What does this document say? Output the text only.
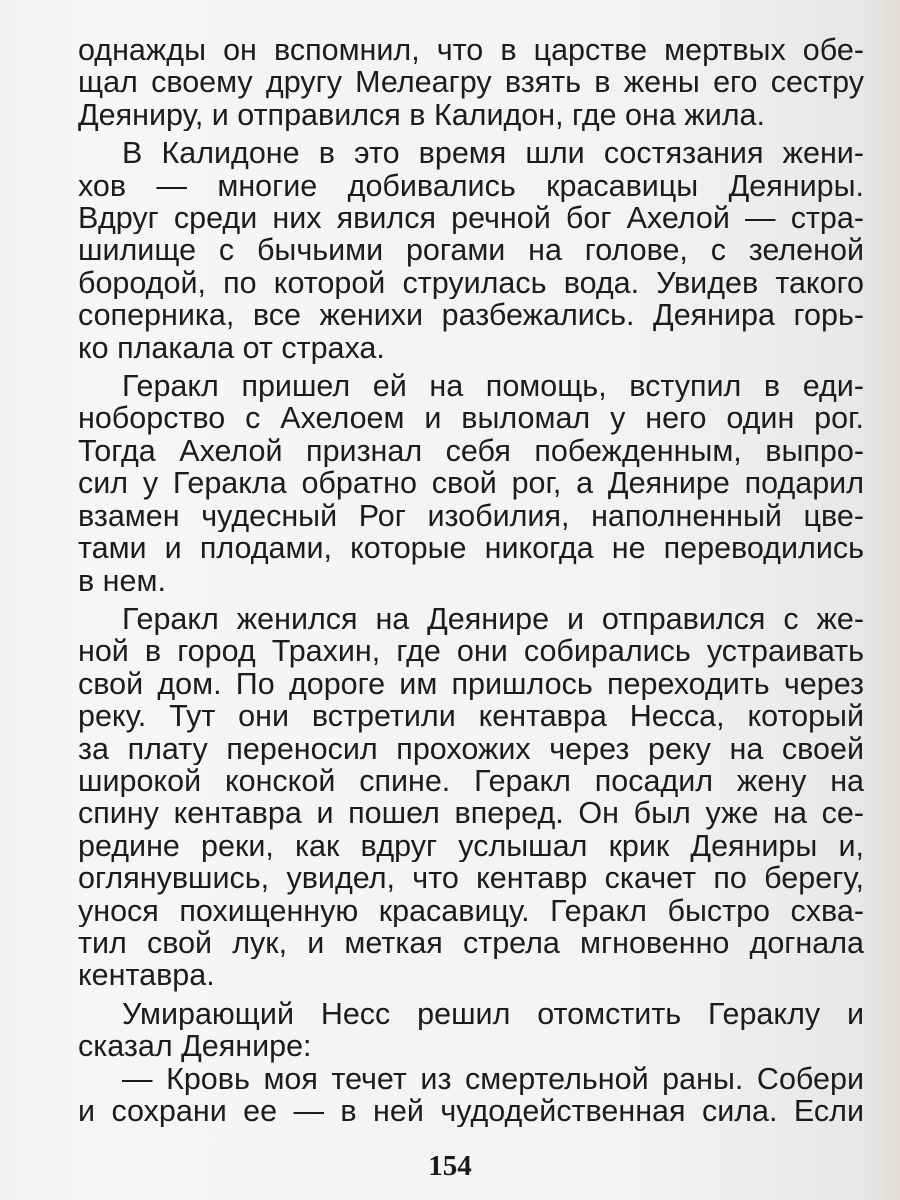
однажды он вспомнил, что в царстве мертвых обе-
щал своему другу Мелеагру взять в жены его сестру
Деяниру, и отправился в Калидон, где она жила.
В Калидоне в это время шли состязания жени-
хов — многие добивались красавицы Деяниры.
Вдруг среди них явился речной бог Ахелой — стра-
шилище с бычьими рогами на голове, с зеленой
бородой, по которой струилась вода. Увидев такого
соперника, все женихи разбежались. Деянира горь-
ко плакала от страха.
Геракл пришел ей на помощь, вступил в еди-
ноборство с Ахелоем и выломал у него один рог.
Тогда Ахелой признал себя побежденным, выпро-
сил у Геракла обратно свой рог, а Деянире подарил
взамен чудесный Рог изобилия, наполненный цве-
тами и плодами, которые никогда не переводились
в нем.
Геракл женился на Деянире и отправился с же-
ной в город Трахин, где они собирались устраивать
свой дом. По дороге им пришлось переходить через
реку. Тут они встретили кентавра Несса, который
за плату переносил прохожих через реку на своей
широкой конской спине. Геракл посадил жену на
спину кентавра и пошел вперед. Он был уже на се-
редине реки, как вдруг услышал крик Деяниры и,
оглянувшись, увидел, что кентавр скачет по берегу,
унося похищенную красавицу. Геракл быстро схва-
тил свой лук, и меткая стрела мгновенно догнала
кентавра.
Умирающий Несс решил отомстить Гераклу и
сказал Деянире:
— Кровь моя течет из смертельной раны. Собери
и сохрани ее — в ней чудодейственная сила. Если
154
